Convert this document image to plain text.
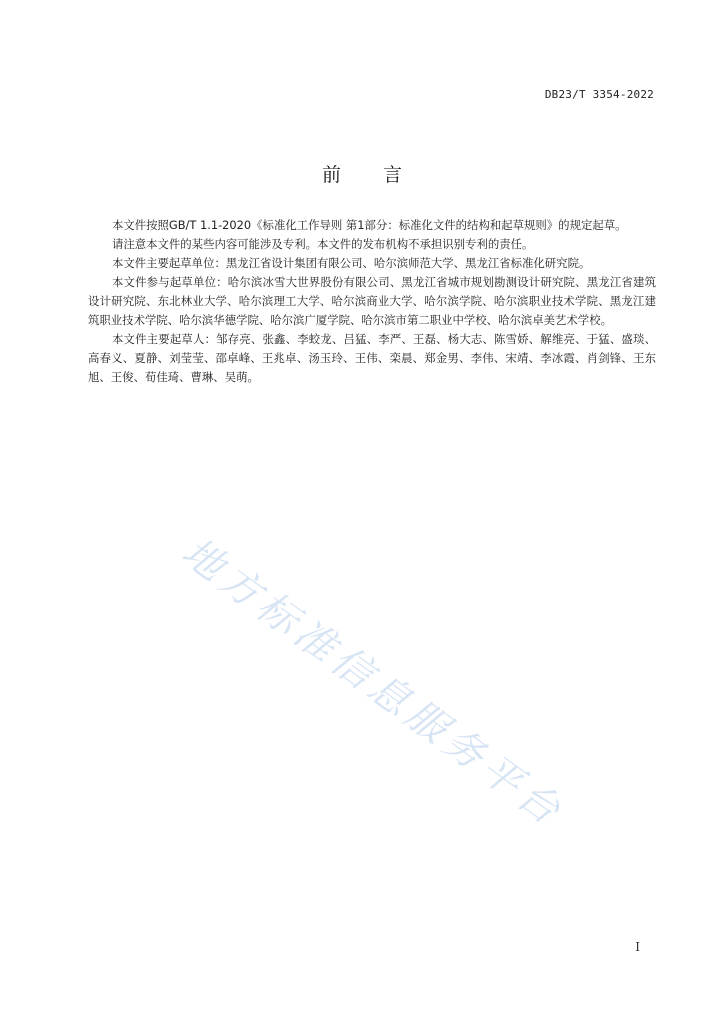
DB23/T 3354-2022
前言

本文件按照GB/T 1.1-2020《标准化工作导则 第1部分：标准化文件的结构和起草规则》的规定起草。

请注意本文件的某些内容可能涉及专利。本文件的发布机构不承担识别专利的责任。

本文件主要起草单位：黑龙江省设计集团有限公司、哈尔滨师范大学、黑龙江省标准化研究院。

本文件参与起草单位：哈尔滨冰雪大世界股份有限公司、黑龙江省城市规划勘测设计研究院、黑龙江省建筑设计研究院、东北林业大学、哈尔滨理工大学、哈尔滨商业大学、哈尔滨学院、哈尔滨职业技术学院、黑龙江建筑职业技术学院、哈尔滨华德学院、哈尔滨广厦学院、哈尔滨市第二职业中学校、哈尔滨卓美艺术学校。

本文件主要起草人：邹存亮、张鑫、李蛟龙、吕猛、李严、王磊、杨大志、陈雪娇、解维亮、于猛、盛琰、高春义、夏静、刘莹莹、邵卓峰、王兆卓、汤玉玲、王伟、栾晨、郑金男、李伟、宋靖、李冰霞、肖剑锋、王东旭、王俊、荀佳琦、曹琳、吴萌。

地方标准信息服务平台
I
